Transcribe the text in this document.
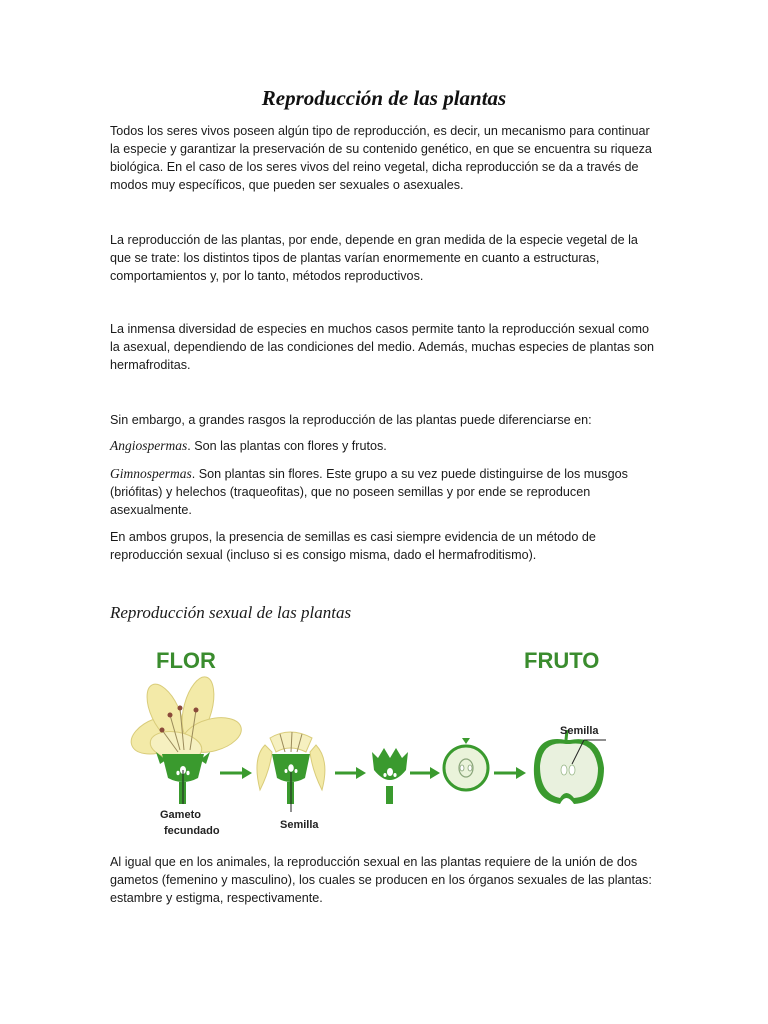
Reproducción de las plantas

Todos los seres vivos poseen algún tipo de reproducción, es decir, un mecanismo para continuar la especie y garantizar la preservación de su contenido genético, en que se encuentra su riqueza biológica. En el caso de los seres vivos del reino vegetal, dicha reproducción se da a través de modos muy específicos, que pueden ser sexuales o asexuales.

La reproducción de las plantas, por ende, depende en gran medida de la especie vegetal de la que se trate: los distintos tipos de plantas varían enormemente en cuanto a estructuras, comportamientos y, por lo tanto, métodos reproductivos.

La inmensa diversidad de especies en muchos casos permite tanto la reproducción sexual como la asexual, dependiendo de las condiciones del medio. Además, muchas especies de plantas son hermafroditas.

Sin embargo, a grandes rasgos la reproducción de las plantas puede diferenciarse en:

Angiospermas. Son las plantas con flores y frutos.

Gimnospermas. Son plantas sin flores. Este grupo a su vez puede distinguirse de los musgos (briófitas) y helechos (traqueofitas), que no poseen semillas y por ende se reproducen asexualmente.

En ambos grupos, la presencia de semillas es casi siempre evidencia de un método de reproducción sexual (incluso si es consigo misma, dado el hermafroditismo).

Reproducción sexual de las plantas
FLOR	FRUTO
Gameto
fecundado	Semilla
Semilla

Al igual que en los animales, la reproducción sexual en las plantas requiere de la unión de dos gametos (femenino y masculino), los cuales se producen en los órganos sexuales de las plantas: estambre y estigma, respectivamente.
